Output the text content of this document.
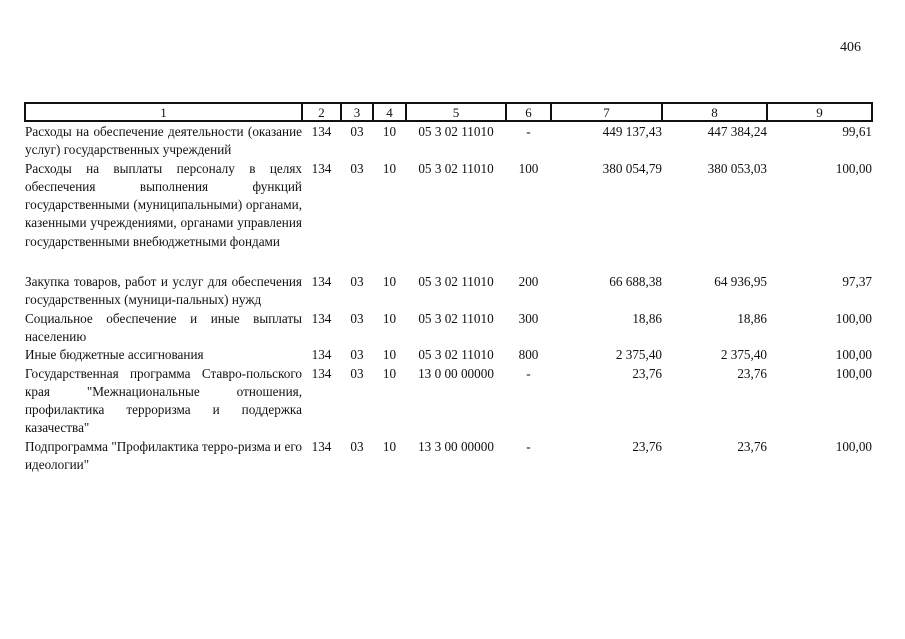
406
1	2	3	4	5	6	7	8	9
Расходы на обеспечение деятельности (оказание услуг) государственных учреждений	134	03	10	05 3 02 11010	-	449 137,43	447 384,24	99,61
Расходы на выплаты персоналу в целях обеспечения выполнения функций государственными (муниципальными) органами, казенными учреждениями, органами управления государственными внебюджетными фондами	134	03	10	05 3 02 11010	100	380 054,79	380 053,03	100,00
Закупка товаров, работ и услуг для обеспечения государственных (муници-пальных) нужд	134	03	10	05 3 02 11010	200	66 688,38	64 936,95	97,37
Социальное обеспечение и иные выплаты населению	134	03	10	05 3 02 11010	300	18,86	18,86	100,00
Иные бюджетные ассигнования	134	03	10	05 3 02 11010	800	2 375,40	2 375,40	100,00
Государственная программа Ставро-польского края "Межнациональные отношения, профилактика терроризма и поддержка казачества"	134	03	10	13 0 00 00000	-	23,76	23,76	100,00
Подпрограмма "Профилактика терро-ризма и его идеологии"	134	03	10	13 3 00 00000	-	23,76	23,76	100,00
